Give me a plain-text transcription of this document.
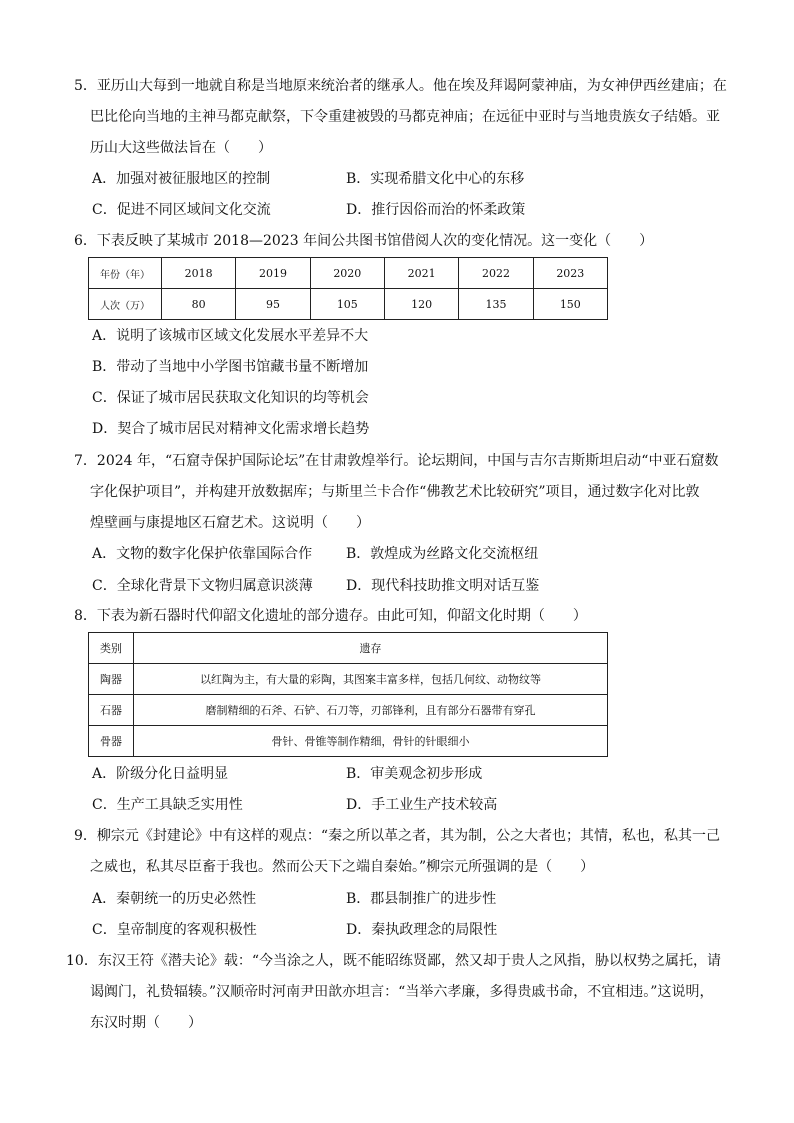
5．亚历山大每到一地就自称是当地原来统治者的继承人。他在埃及拜谒阿蒙神庙，为女神伊西丝建庙；在
巴比伦向当地的主神马都克献祭，下令重建被毁的马都克神庙；在远征中亚时与当地贵族女子结婚。亚
历山大这些做法旨在（　　）
A．加强对被征服地区的控制	B．实现希腊文化中心的东移
C．促进不同区域间文化交流	D．推行因俗而治的怀柔政策
6．下表反映了某城市 2018—2023 年间公共图书馆借阅人次的变化情况。这一变化（　　）
年份（年）	2018	2019	2020	2021	2022	2023
人次（万）	80	95	105	120	135	150
A．说明了该城市区域文化发展水平差异不大
B．带动了当地中小学图书馆藏书量不断增加
C．保证了城市居民获取文化知识的均等机会
D．契合了城市居民对精神文化需求增长趋势
7．2024 年，“石窟寺保护国际论坛”在甘肃敦煌举行。论坛期间，中国与吉尔吉斯斯坦启动“中亚石窟数
字化保护项目”，并构建开放数据库；与斯里兰卡合作“佛教艺术比较研究”项目，通过数字化对比敦
煌壁画与康提地区石窟艺术。这说明（　　）
A．文物的数字化保护依靠国际合作 B．敦煌成为丝路文化交流枢纽
C．全球化背景下文物归属意识淡薄 D．现代科技助推文明对话互鉴
8．下表为新石器时代仰韶文化遗址的部分遗存。由此可知，仰韶文化时期（　　）
类别	遗存
陶器	以红陶为主，有大量的彩陶，其图案丰富多样，包括几何纹、动物纹等
石器	磨制精细的石斧、石铲、石刀等，刃部锋利，且有部分石器带有穿孔
骨器	骨针、骨锥等制作精细，骨针的针眼细小
A．阶级分化日益明显	B．审美观念初步形成
C．生产工具缺乏实用性	D．手工业生产技术较高
9．柳宗元《封建论》中有这样的观点：“秦之所以革之者，其为制，公之大者也；其情，私也，私其一己
之威也，私其尽臣畜于我也。然而公天下之端自秦始。”柳宗元所强调的是（　　）
A．秦朝统一的历史必然性	B．郡县制推广的进步性
C．皇帝制度的客观积极性	D．秦执政理念的局限性
10．东汉王符《潜夫论》载：“今当涂之人，既不能昭练贤鄙，然又却于贵人之风指，胁以权势之属托，请
谒阗门，礼贽辐辏。”汉顺帝时河南尹田歆亦坦言：“当举六孝廉，多得贵戚书命，不宜相违。”这说明，
东汉时期（　　）
